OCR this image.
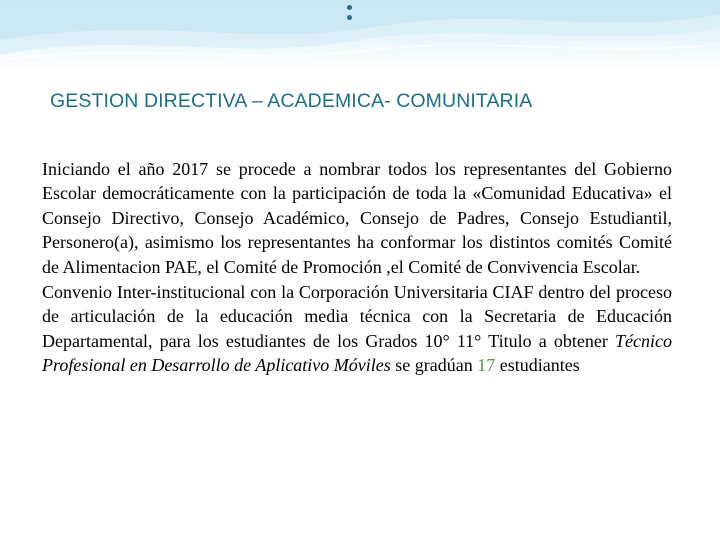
GESTION DIRECTIVA – ACADEMICA- COMUNITARIA

Iniciando el año 2017 se procede a nombrar todos los representantes del Gobierno Escolar democráticamente con la participación de toda la «Comunidad Educativa» el Consejo Directivo, Consejo Académico, Consejo de Padres, Consejo Estudiantil, Personero(a), asimismo los representantes ha conformar los distintos comités Comité de Alimentacion PAE, el Comité de Promoción ,el Comité de Convivencia Escolar.

Convenio Inter-institucional con la Corporación Universitaria CIAF dentro del proceso de articulación de la educación media técnica con la Secretaria de Educación Departamental, para los estudiantes de los Grados 10° 11° Titulo a obtener Técnico Profesional en Desarrollo de Aplicativo Móviles se gradúan 17 estudiantes
